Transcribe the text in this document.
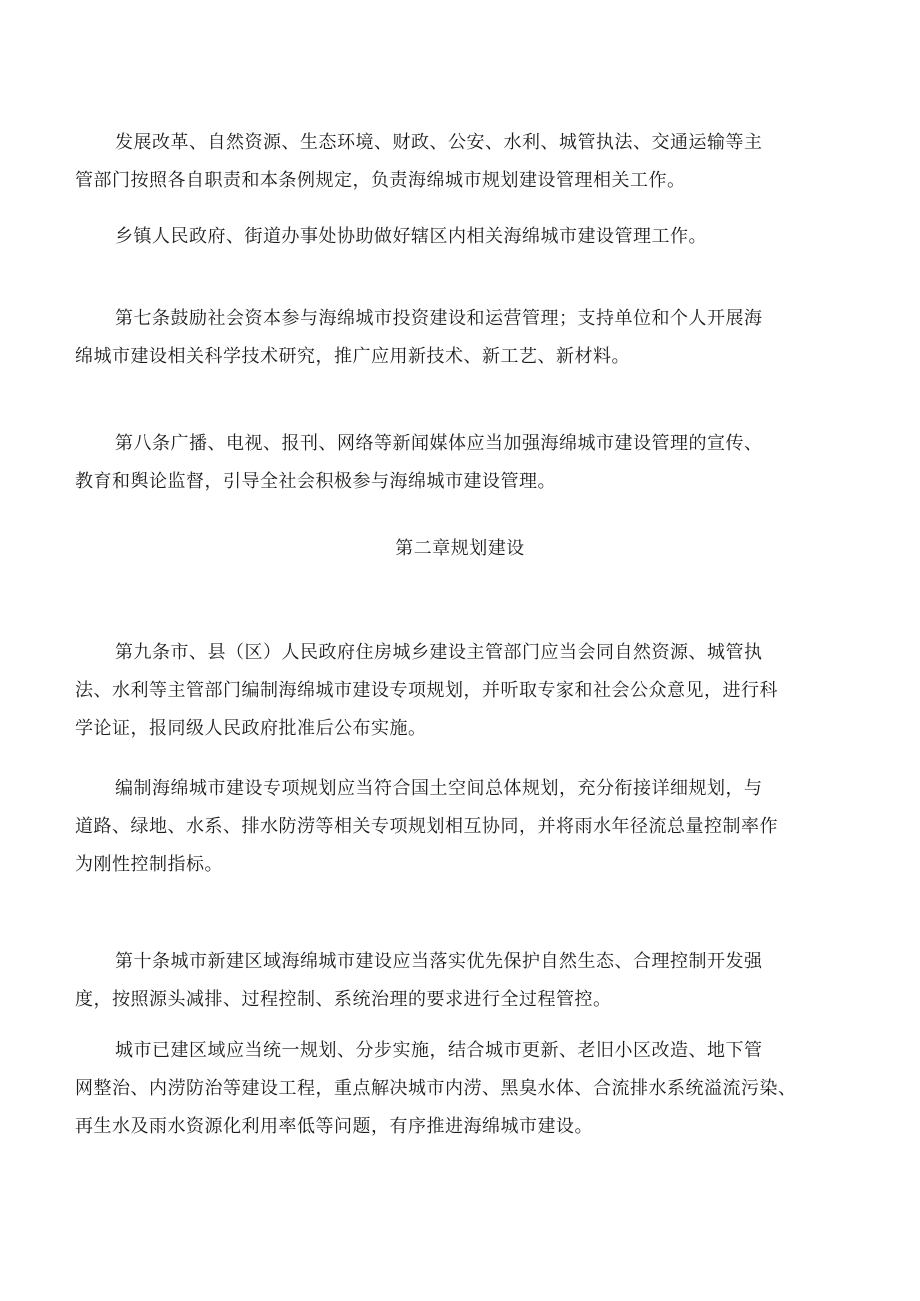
发展改革、自然资源、生态环境、财政、公安、水利、城管执法、交通运输等主
管部门按照各自职责和本条例规定，负责海绵城市规划建设管理相关工作。
乡镇人民政府、街道办事处协助做好辖区内相关海绵城市建设管理工作。
第七条鼓励社会资本参与海绵城市投资建设和运营管理；支持单位和个人开展海
绵城市建设相关科学技术研究，推广应用新技术、新工艺、新材料。
第八条广播、电视、报刊、网络等新闻媒体应当加强海绵城市建设管理的宣传、
教育和舆论监督，引导全社会积极参与海绵城市建设管理。
第二章规划建设
第九条市、县（区）人民政府住房城乡建设主管部门应当会同自然资源、城管执
法、水利等主管部门编制海绵城市建设专项规划，并听取专家和社会公众意见，进行科
学论证，报同级人民政府批准后公布实施。
编制海绵城市建设专项规划应当符合国土空间总体规划，充分衔接详细规划，与
道路、绿地、水系、排水防涝等相关专项规划相互协同，并将雨水年径流总量控制率作
为刚性控制指标。
第十条城市新建区域海绵城市建设应当落实优先保护自然生态、合理控制开发强
度，按照源头减排、过程控制、系统治理的要求进行全过程管控。
城市已建区域应当统一规划、分步实施，结合城市更新、老旧小区改造、地下管
网整治、内涝防治等建设工程，重点解决城市内涝、黑臭水体、合流排水系统溢流污染、
再生水及雨水资源化利用率低等问题，有序推进海绵城市建设。
